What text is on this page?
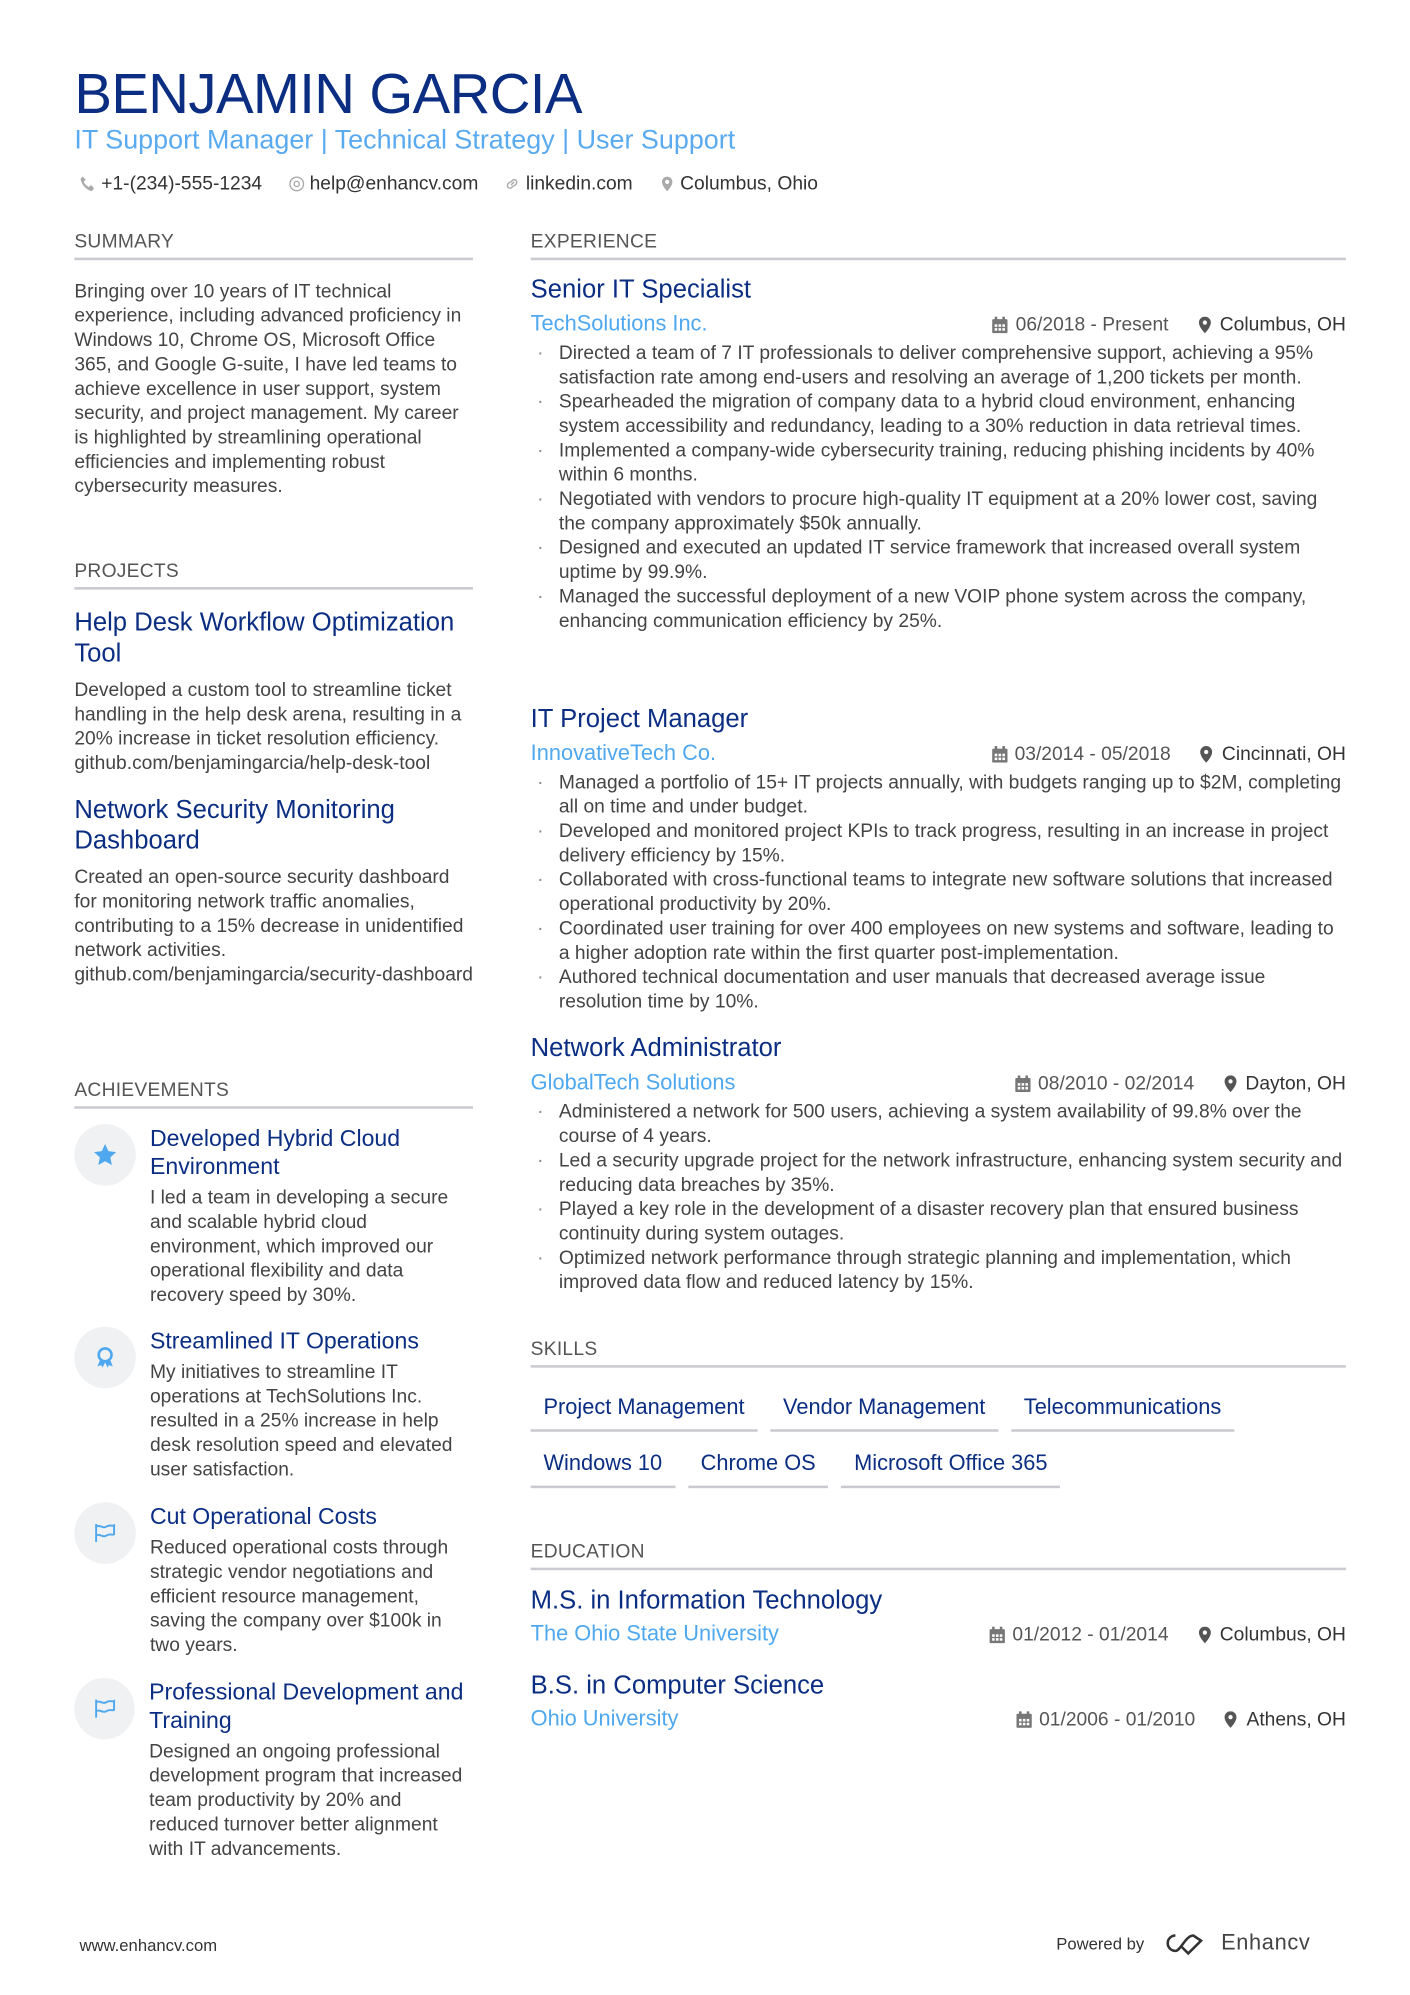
BENJAMIN GARCIA
IT Support Manager | Technical Strategy | User Support
+1-(234)-555-1234	help@enhancv.com	linkedin.com	Columbus, Ohio
SUMMARY
Bringing over 10 years of IT technical experience, including advanced proficiency in Windows 10, Chrome OS, Microsoft Office 365, and Google G-suite, I have led teams to achieve excellence in user support, system security, and project management. My career is highlighted by streamlining operational efficiencies and implementing robust cybersecurity measures.
PROJECTS
Help Desk Workflow Optimization Tool
Developed a custom tool to streamline ticket handling in the help desk arena, resulting in a 20% increase in ticket resolution efficiency.
github.com/benjamingarcia/help-desk-tool
Network Security Monitoring Dashboard
Created an open-source security dashboard for monitoring network traffic anomalies, contributing to a 15% decrease in unidentified network activities.
github.com/benjamingarcia/security-dashboard
ACHIEVEMENTS
Developed Hybrid Cloud Environment
I led a team in developing a secure and scalable hybrid cloud environment, which improved our operational flexibility and data recovery speed by 30%.
Streamlined IT Operations
My initiatives to streamline IT operations at TechSolutions Inc. resulted in a 25% increase in help desk resolution speed and elevated user satisfaction.
Cut Operational Costs
Reduced operational costs through strategic vendor negotiations and efficient resource management, saving the company over $100k in two years.
Professional Development and Training
Designed an ongoing professional development program that increased team productivity by 20% and reduced turnover better alignment with IT advancements.
EXPERIENCE
Senior IT Specialist
TechSolutions Inc.	06/2018 - Present	Columbus, OH
· Directed a team of 7 IT professionals to deliver comprehensive support, achieving a 95% satisfaction rate among end-users and resolving an average of 1,200 tickets per month.
· Spearheaded the migration of company data to a hybrid cloud environment, enhancing system accessibility and redundancy, leading to a 30% reduction in data retrieval times.
· Implemented a company-wide cybersecurity training, reducing phishing incidents by 40% within 6 months.
· Negotiated with vendors to procure high-quality IT equipment at a 20% lower cost, saving the company approximately $50k annually.
· Designed and executed an updated IT service framework that increased overall system uptime by 99.9%.
· Managed the successful deployment of a new VOIP phone system across the company, enhancing communication efficiency by 25%.
IT Project Manager
InnovativeTech Co.	03/2014 - 05/2018	Cincinnati, OH
· Managed a portfolio of 15+ IT projects annually, with budgets ranging up to $2M, completing all on time and under budget.
· Developed and monitored project KPIs to track progress, resulting in an increase in project delivery efficiency by 15%.
· Collaborated with cross-functional teams to integrate new software solutions that increased operational productivity by 20%.
· Coordinated user training for over 400 employees on new systems and software, leading to a higher adoption rate within the first quarter post-implementation.
· Authored technical documentation and user manuals that decreased average issue resolution time by 10%.
Network Administrator
GlobalTech Solutions	08/2010 - 02/2014	Dayton, OH
· Administered a network for 500 users, achieving a system availability of 99.8% over the course of 4 years.
· Led a security upgrade project for the network infrastructure, enhancing system security and reducing data breaches by 35%.
· Played a key role in the development of a disaster recovery plan that ensured business continuity during system outages.
· Optimized network performance through strategic planning and implementation, which improved data flow and reduced latency by 15%.
SKILLS
Project Management Vendor Management Telecommunications
Windows 10 Chrome OS Microsoft Office 365
EDUCATION
M.S. in Information Technology
The Ohio State University	01/2012 - 01/2014	Columbus, OH
B.S. in Computer Science
Ohio University	01/2006 - 01/2010	Athens, OH
www.enhancv.com	Powered by	Enhancv
